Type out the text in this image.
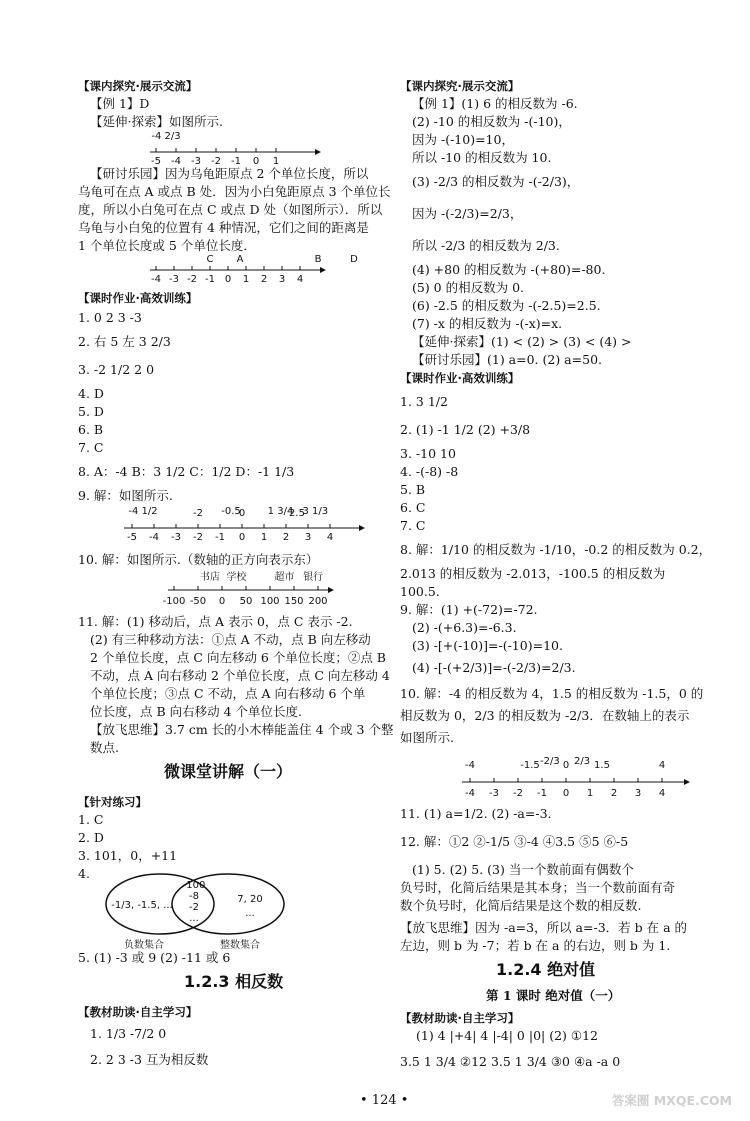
【课内探究·展示交流】
【例 1】D
【延伸·探索】如图所示.
-5 -4 -3 -2 -1 0 1
-4 2/3
【研讨乐园】因为乌龟距原点 2 个单位长度，所以
乌龟可在点 A 或点 B 处．因为小白兔距原点 3 个单位长
度，所以小白兔可在点 C 或点 D 处（如图所示）．所以
乌龟与小白兔的位置有 4 种情况，它们之间的距离是
1 个单位长度或 5 个单位长度．
-4 -3 -2 -1 0 1 2 3 4
C A	B	D
【课时作业·高效训练】
1. 0 2 3 -3
2. 右 5 左 3 2/3
3. -2 1/2 2 0
4. D
5. D
6. B
7. C
8. A：-4 B：3 1/2 C：1/2 D：-1 1/3
9. 解：如图所示.
-5 -4 -3 -2 -1 0 1 2 3 4
-4 1/2	-2 -0.5
0 1 3/4
2.5
3 1/3
10. 解：如图所示.（数轴的正方向表示东）
-100 -50 0 50 100 150 200
书店 学校	超市 银行
11. 解：(1) 移动后，点 A 表示 0，点 C 表示 -2.
(2) 有三种移动方法：①点 A 不动，点 B 向左移动
2 个单位长度，点 C 向左移动 6 个单位长度；②点 B
不动，点 A 向右移动 2 个单位长度，点 C 向左移动 4
个单位长度；③点 C 不动，点 A 向右移动 6 个单
位长度，点 B 向右移动 4 个单位长度.
【放飞思维】3.7 cm 长的小木棒能盖住 4 个或 3 个整
数点.
微课堂讲解（一）
【针对练习】
1. C
2. D
3. 101，0，+11
4.
-1/3, -1.5, ...
-100
-8
-2
...
7, 20
...
负数集合	整数集合
5. (1) -3 或 9 (2) -11 或 6
1.2.3 相反数
【教材助读·自主学习】
1. 1/3 -7/2 0
2. 2 3 -3 互为相反数
【课内探究·展示交流】
【例 1】(1) 6 的相反数为 -6.
(2) -10 的相反数为 -(-10)，
因为 -(-10)=10，
所以 -10 的相反数为 10.
(3) -2/3 的相反数为 -(-2/3)，
因为 -(-2/3)=2/3，
所以 -2/3 的相反数为 2/3.
(4) +80 的相反数为 -(+80)=-80.
(5) 0 的相反数为 0.
(6) -2.5 的相反数为 -(-2.5)=2.5.
(7) -x 的相反数为 -(-x)=x.
【延伸·探索】(1) < (2) > (3) < (4) >
【研讨乐园】(1) a=0. (2) a=50.
【课时作业·高效训练】
1. 3 1/2
2. (1) -1 1/2 (2) +3/8
3. -10 10
4. -(-8) -8
5. B
6. C
7. C
8. 解：1/10 的相反数为 -1/10，-0.2 的相反数为 0.2，
2.013 的相反数为 -2.013，-100.5 的相反数为
100.5.
9. 解：(1) +(-72)=-72.
(2) -(+6.3)=-6.3.
(3) -[+(-10)]=-(-10)=10.
(4) -[-(+2/3)]=-(-2/3)=2/3.
10. 解：-4 的相反数为 4，1.5 的相反数为 -1.5，0 的
相反数为 0，2/3 的相反数为 -2/3．在数轴上的表示
如图所示.
-4 -3 -2 -1 0 1 2 3 4
-4	-1.5 -2/3 0 2/3 1.5	4
11. (1) a=1/2. (2) -a=-3.
12. 解：①2 ②-1/5 ③-4 ④3.5 ⑤5 ⑥-5
(1) 5. (2) 5. (3) 当一个数前面有偶数个
负号时，化简后结果是其本身；当一个数前面有奇
数个负号时，化简后结果是这个数的相反数.
【放飞思维】因为 -a=3，所以 a=-3．若 b 在 a 的
左边，则 b 为 -7；若 b 在 a 的右边，则 b 为 1.
1.2.4 绝对值
第 1 课时 绝对值（一）
【教材助读·自主学习】
(1) 4 |+4| 4 |-4| 0 |0| (2) ①12
3.5 1 3/4 ②12 3.5 1 3/4 ③0 ④a -a 0
• 124 •	答案圈 MXQE.COM
